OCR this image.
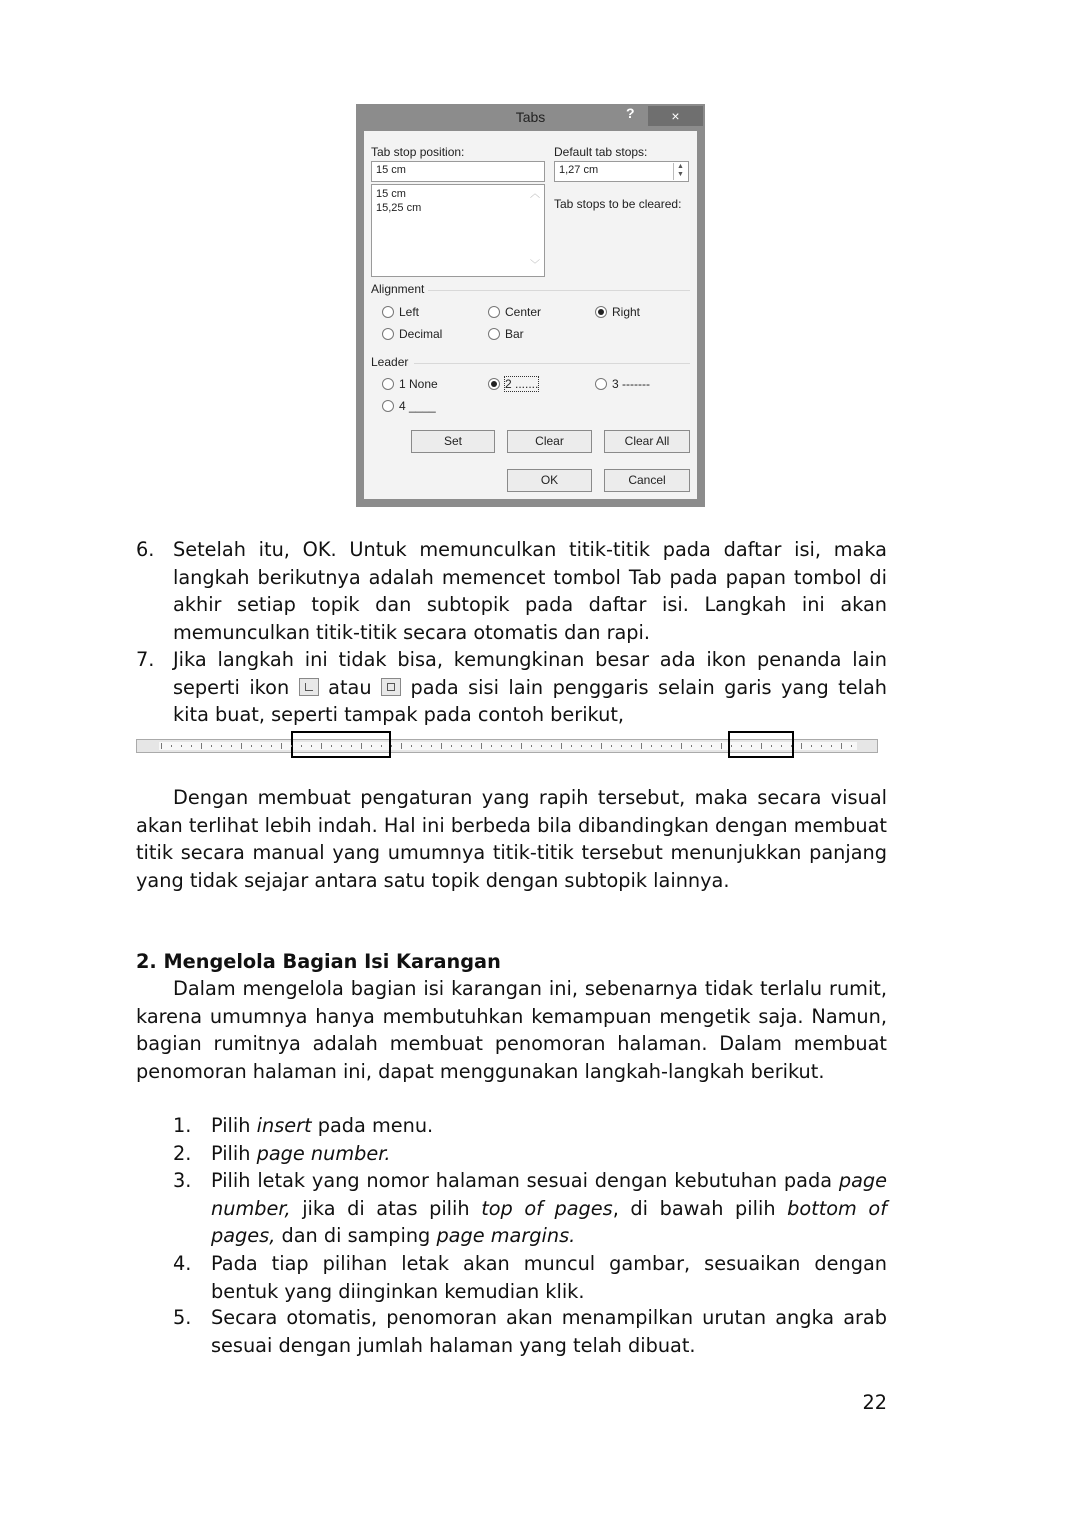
Tabs	?	×
Tab stop position:
15 cm
15 cm
15,25 cm
︿
﹀
Default tab stops:
1,27 cm	▲
▼
Tab stops to be cleared:
Alignment
Left	Center	Right
Decimal	Bar
Leader
1 None	2 .......	3 -------
4 ____
Set	Clear	Clear All
OK	Cancel
6. Setelah itu, OK. Untuk memunculkan titik-titik pada daftar isi, maka langkah berikutnya adalah memencet tombol Tab pada papan tombol di akhir setiap topik dan subtopik pada daftar isi. Langkah ini akan memunculkan titik-titik secara otomatis dan rapi.
7. Jika langkah ini tidak bisa, kemungkinan besar ada ikon penanda lain seperti ikon atau pada sisi lain penggaris selain garis yang telah kita buat, seperti tampak pada contoh berikut,
Dengan membuat pengaturan yang rapih tersebut, maka secara visual akan terlihat lebih indah. Hal ini berbeda bila dibandingkan dengan membuat titik secara manual yang umumnya titik-titik tersebut menunjukkan panjang yang tidak sejajar antara satu topik dengan subtopik lainnya.
2. Mengelola Bagian Isi Karangan
Dalam mengelola bagian isi karangan ini, sebenarnya tidak terlalu rumit, karena umumnya hanya membutuhkan kemampuan mengetik saja. Namun, bagian rumitnya adalah membuat penomoran halaman. Dalam membuat penomoran halaman ini, dapat menggunakan langkah-langkah berikut.
1. Pilih insert pada menu.
2. Pilih page number.
3. Pilih letak yang nomor halaman sesuai dengan kebutuhan pada page number, jika di atas pilih top of pages, di bawah pilih bottom of pages, dan di samping page margins.
4. Pada tiap pilihan letak akan muncul gambar, sesuaikan dengan bentuk yang diinginkan kemudian klik.
5. Secara otomatis, penomoran akan menampilkan urutan angka arab sesuai dengan jumlah halaman yang telah dibuat.
22
